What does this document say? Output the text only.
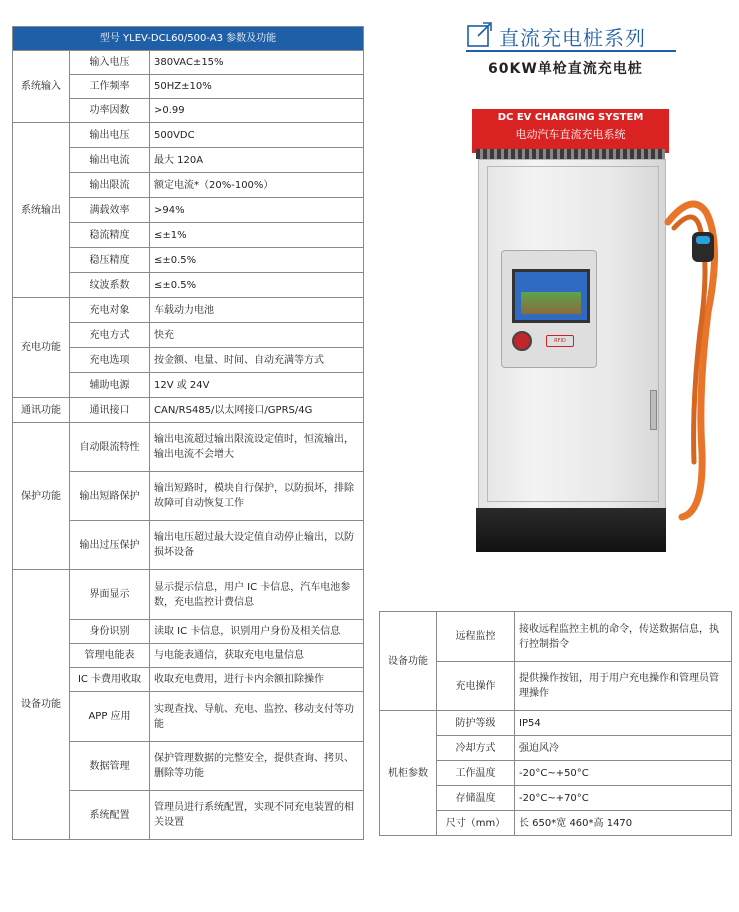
型号 YLEV-DCL60/500-A3 参数及功能		
系统输入	输入电压	380VAC±15%
	工作频率	50HZ±10%
	功率因数	>0.99
系统输出	输出电压	500VDC
	输出电流	最大 120A
	输出限流	额定电流*（20%-100%）
	满载效率	>94%
	稳流精度	≤±1%
	稳压精度	≤±0.5%
	纹波系数	≤±0.5%
充电功能	充电对象	车载动力电池
	充电方式	快充
	充电选项	按金额、电量、时间、自动充满等方式
	辅助电源	12V 或 24V
通讯功能	通讯接口	CAN/RS485/以太网接口/GPRS/4G
保护功能	自动限流特性	输出电流超过输出限流设定值时，恒流输出，输出电流不会增大
	输出短路保护	输出短路时，模块自行保护，以防损坏，排除故障可自动恢复工作
	输出过压保护	输出电压超过最大设定值自动停止输出，以防损坏设备
设备功能	界面显示	显示提示信息，用户 IC 卡信息，汽车电池参数，充电监控计费信息
	身份识别	读取 IC 卡信息，识别用户身份及相关信息
	管理电能表	与电能表通信，获取充电电量信息
	IC 卡费用收取	收取充电费用，进行卡内余额扣除操作
	APP 应用	实现查找、导航、充电、监控、移动支付等功能
	数据管理	保护管理数据的完整安全，提供查询、拷贝、删除等功能
	系统配置	管理员进行系统配置，实现不同充电装置的相关设置
直流充电桩系列
60KW单枪直流充电桩
DC EV CHARGING SYSTEM
电动汽车直流充电系统
RFID
设备功能	远程监控	接收远程监控主机的命令，传送数据信息，执行控制指令
	充电操作	提供操作按钮，用于用户充电操作和管理员管理操作
机柜参数	防护等级	IP54
	冷却方式	强迫风冷
	工作温度	-20°C~+50°C
	存储温度	-20°C~+70°C
	尺寸（mm）	长 650*宽 460*高 1470
